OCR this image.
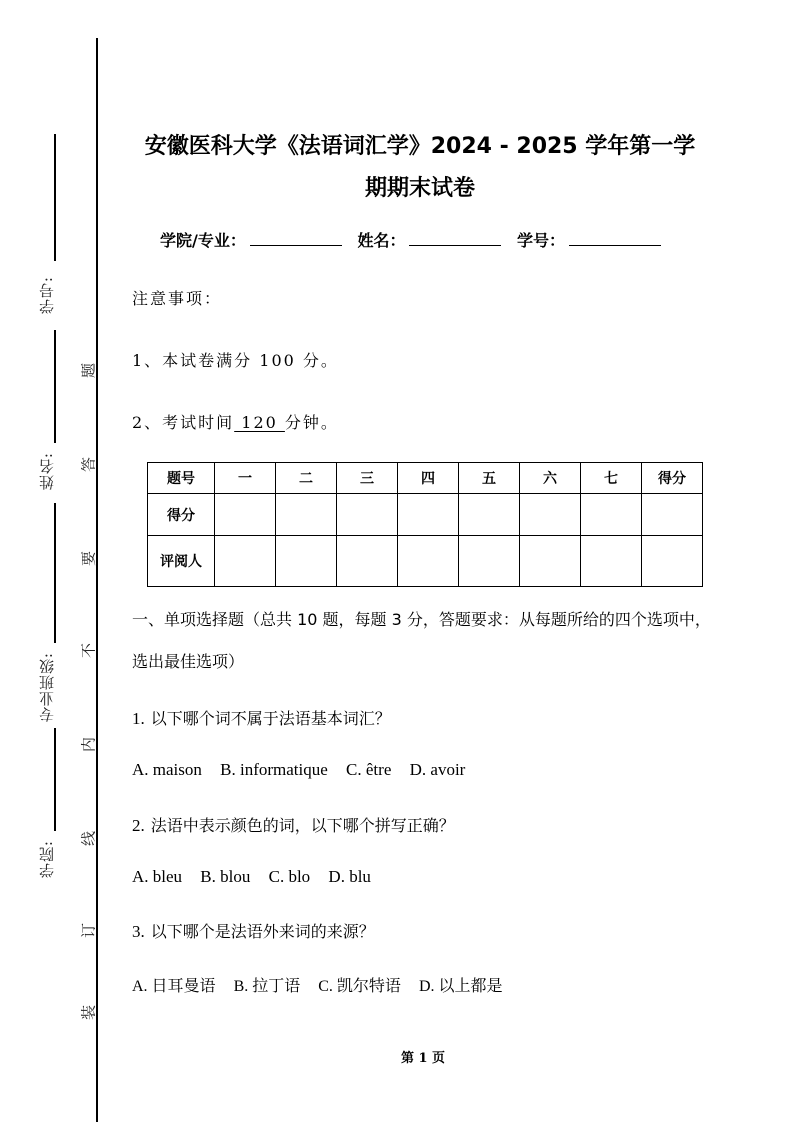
学号:
姓名:
专业班级:
学院:
题
答
要
不
内
线
订
装
安徽医科大学《法语词汇学》2024 - 2025 学年第一学
期期末试卷
学院/专业：	姓名：	学号：
注意事项：
1、本试卷满分 100 分。
2、考试时间 120 分钟。
题号	一	二	三	四	五	六	七	得分
得分								
评阅人								
一、单项选择题（总共 10 题，每题 3 分，答题要求：从每题所给的四个选项中，选出最佳选项）
1. 以下哪个词不属于法语基本词汇？
A. maison B. informatique C. être D. avoir
2. 法语中表示颜色的词，以下哪个拼写正确？
A. bleu B. blou C. blo D. blu
3. 以下哪个是法语外来词的来源？
A. 日耳曼语 B. 拉丁语 C. 凯尔特语 D. 以上都是
第 1 页
